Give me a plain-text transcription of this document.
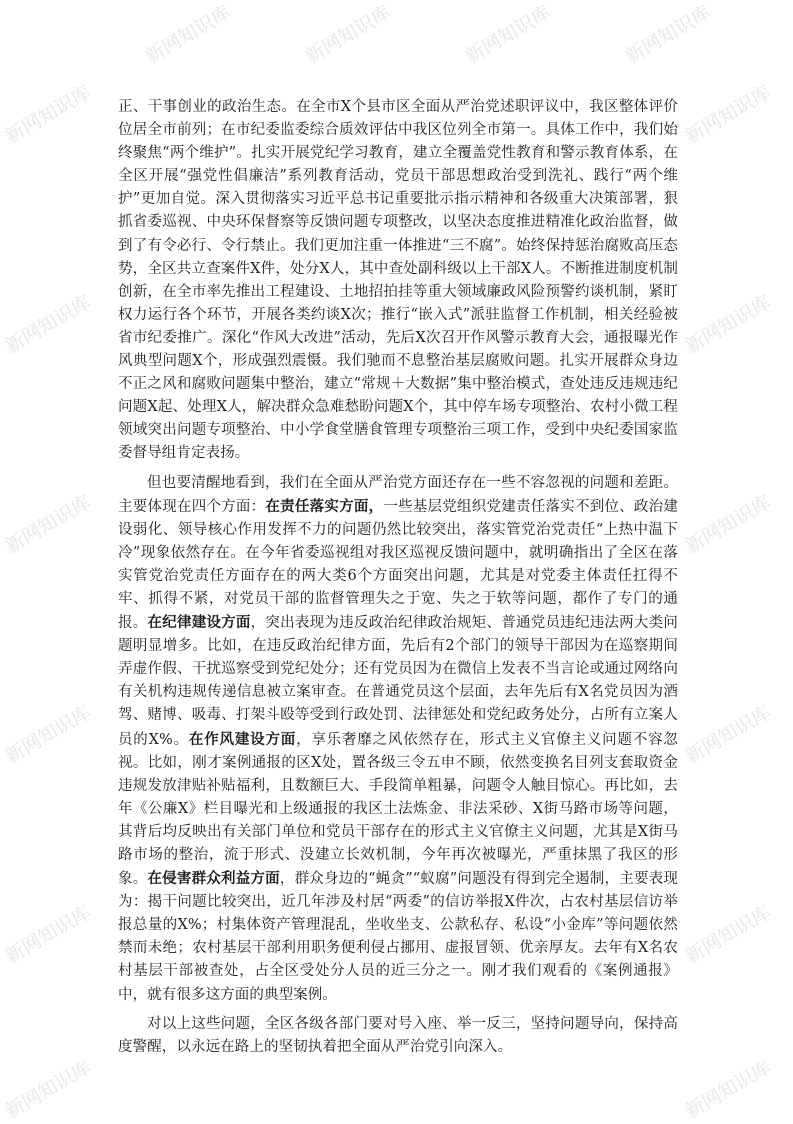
新网知识库	新网知识库	新网知识库	新网知识库
新网知识库
新网知识库
新网知识库
新网知识库
新网知识库
新网知识库
新网知识库
新网知识库
新网知识库
新网知识库
新网知识库
新网知识库

正、干事创业的政治生态。在全市X个县市区全面从严治党述职评议中，我区整体评价位居全市前列；在市纪委监委综合质效评估中我区位列全市第一。具体工作中，我们始终聚焦“两个维护”。扎实开展党纪学习教育，建立全覆盖党性教育和警示教育体系，在全区开展“强党性倡廉洁”系列教育活动，党员干部思想政治受到洗礼、践行“两个维护”更加自觉。深入贯彻落实习近平总书记重要批示指示精神和各级重大决策部署，狠抓省委巡视、中央环保督察等反馈问题专项整改，以坚决态度推进精准化政治监督，做到了有令必行、令行禁止。我们更加注重一体推进“三不腐”。始终保持惩治腐败高压态势，全区共立查案件X件，处分X人，其中查处副科级以上干部X人。不断推进制度机制创新，在全市率先推出工程建设、土地招拍挂等重大领域廉政风险预警约谈机制，紧盯权力运行各个环节，开展各类约谈X次；推行“嵌入式”派驻监督工作机制，相关经验被省市纪委推广。深化“作风大改进”活动，先后X次召开作风警示教育大会，通报曝光作风典型问题X个，形成强烈震慑。我们驰而不息整治基层腐败问题。扎实开展群众身边不正之风和腐败问题集中整治，建立“常规＋大数据”集中整治模式，查处违反违规违纪问题X起、处理X人，解决群众急难愁盼问题X个，其中停车场专项整治、农村小微工程领域突出问题专项整治、中小学食堂膳食管理专项整治三项工作，受到中央纪委国家监委督导组肯定表扬。

但也要清醒地看到，我们在全面从严治党方面还存在一些不容忽视的问题和差距。主要体现在四个方面：在责任落实方面，一些基层党组织党建责任落实不到位、政治建设弱化、领导核心作用发挥不力的问题仍然比较突出，落实管党治党责任“上热中温下冷”现象依然存在。在今年省委巡视组对我区巡视反馈问题中，就明确指出了全区在落实管党治党责任方面存在的两大类6个方面突出问题，尤其是对党委主体责任扛得不牢、抓得不紧，对党员干部的监督管理失之于宽、失之于软等问题，都作了专门的通报。在纪律建设方面，突出表现为违反政治纪律政治规矩、普通党员违纪违法两大类问题明显增多。比如，在违反政治纪律方面，先后有2个部门的领导干部因为在巡察期间弄虚作假、干扰巡察受到党纪处分；还有党员因为在微信上发表不当言论或通过网络向有关机构违规传递信息被立案审查。在普通党员这个层面，去年先后有X名党员因为酒驾、赌博、吸毒、打架斗殴等受到行政处罚、法律惩处和党纪政务处分，占所有立案人员的X%。在作风建设方面，享乐奢靡之风依然存在，形式主义官僚主义问题不容忽视。比如，刚才案例通报的区X处，置各级三令五申不顾，依然变换名目列支套取资金违规发放津贴补贴福利，且数额巨大、手段简单粗暴，问题令人触目惊心。再比如，去年《公廉X》栏目曝光和上级通报的我区土法炼金、非法采砂、X街马路市场等问题，其背后均反映出有关部门单位和党员干部存在的形式主义官僚主义问题，尤其是X街马路市场的整治，流于形式、没建立长效机制，今年再次被曝光，严重抹黑了我区的形象。在侵害群众利益方面，群众身边的“蝇贪”“蚁腐”问题没有得到完全遏制，主要表现为：揭干问题比较突出，近几年涉及村居“两委”的信访举报X件次，占农村基层信访举报总量的X%；村集体资产管理混乱，坐收坐支、公款私存、私设“小金库”等问题依然禁而未绝；农村基层干部利用职务便利侵占挪用、虚报冒领、优亲厚友。去年有X名农村基层干部被查处，占全区受处分人员的近三分之一。刚才我们观看的《案例通报》中，就有很多这方面的典型案例。

对以上这些问题，全区各级各部门要对号入座、举一反三，坚持问题导向，保持高度警醒，以永远在路上的坚韧执着把全面从严治党引向深入。
